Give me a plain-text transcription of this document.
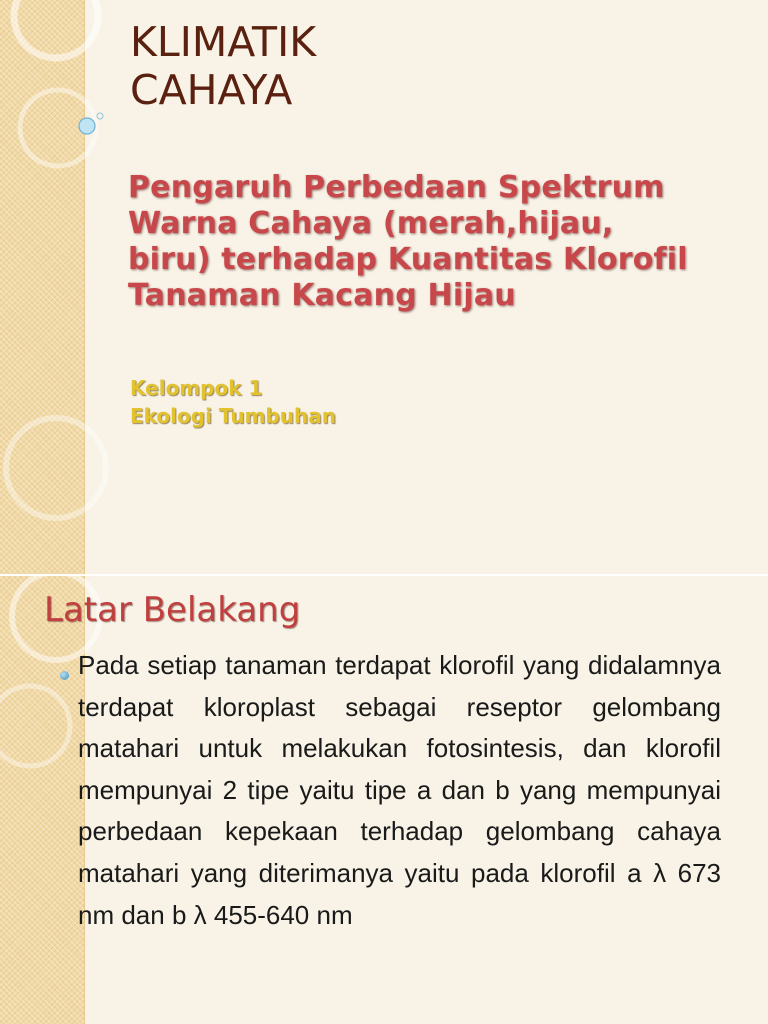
KLIMATIK
CAHAYA
Pengaruh Perbedaan Spektrum
Warna Cahaya (merah,hijau,
biru) terhadap Kuantitas Klorofil
Tanaman Kacang Hijau

Kelompok 1
Ekologi Tumbuhan

Latar Belakang

Pada setiap tanaman terdapat klorofil yang didalamnya terdapat kloroplast sebagai reseptor gelombang matahari untuk melakukan fotosintesis, dan klorofil mempunyai 2 tipe yaitu tipe a dan b yang mempunyai perbedaan kepekaan terhadap gelombang cahaya matahari yang diterimanya yaitu pada klorofil a λ 673 nm dan b λ 455-640 nm
